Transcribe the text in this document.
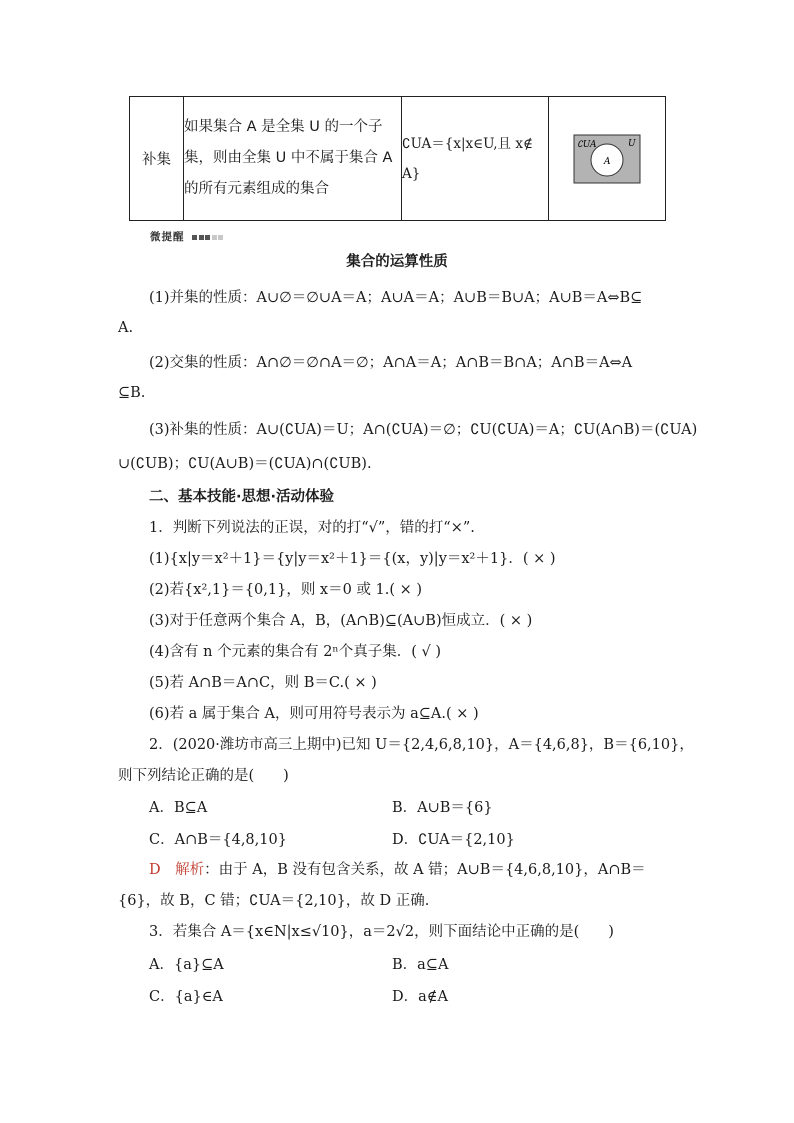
补集	如果集合 A 是全集 U 的一个子集，则由全集 U 中不属于集合 A 的所有元素组成的集合	∁UA＝{x|x∈U,且 x∉ A}	
∁UA	U
A
微提醒
集合的运算性质
(1)并集的性质：A∪∅＝∅∪A＝A；A∪A＝A；A∪B＝B∪A；A∪B＝A⇔B⊆
A.
(2)交集的性质：A∩∅＝∅∩A＝∅；A∩A＝A；A∩B＝B∩A；A∩B＝A⇔A
⊆B.
(3)补集的性质：A∪(∁UA)＝U；A∩(∁UA)＝∅；∁U(∁UA)＝A；∁U(A∩B)＝(∁UA)
∪(∁UB)；∁U(A∪B)＝(∁UA)∩(∁UB).
二、基本技能·思想·活动体验
1．判断下列说法的正误，对的打“√”，错的打“×”.
(1){x|y＝x²＋1}＝{y|y＝x²＋1}＝{(x，y)|y＝x²＋1}．( × )
(2)若{x²,1}＝{0,1}，则 x＝0 或 1.( × )
(3)对于任意两个集合 A，B，(A∩B)⊆(A∪B)恒成立．( × )
(4)含有 n 个元素的集合有 2ⁿ个真子集．( √ )
(5)若 A∩B＝A∩C，则 B＝C.( × )
(6)若 a 属于集合 A，则可用符号表示为 a⊆A.( × )
2．(2020·潍坊市高三上期中)已知 U＝{2,4,6,8,10}，A＝{4,6,8}，B＝{6,10}，
则下列结论正确的是(　　)
A．B⊆A	B．A∪B＝{6}
C．A∩B＝{4,8,10}	D．∁UA＝{2,10}
D  解析：由于 A，B 没有包含关系，故 A 错；A∪B＝{4,6,8,10}，A∩B＝
{6}，故 B，C 错；∁UA＝{2,10}，故 D 正确.
3．若集合 A＝{x∈N|x≤√10}，a＝2√2，则下面结论中正确的是(　　)
A．{a}⊆A	B．a⊆A
C．{a}∈A	D．a∉A
